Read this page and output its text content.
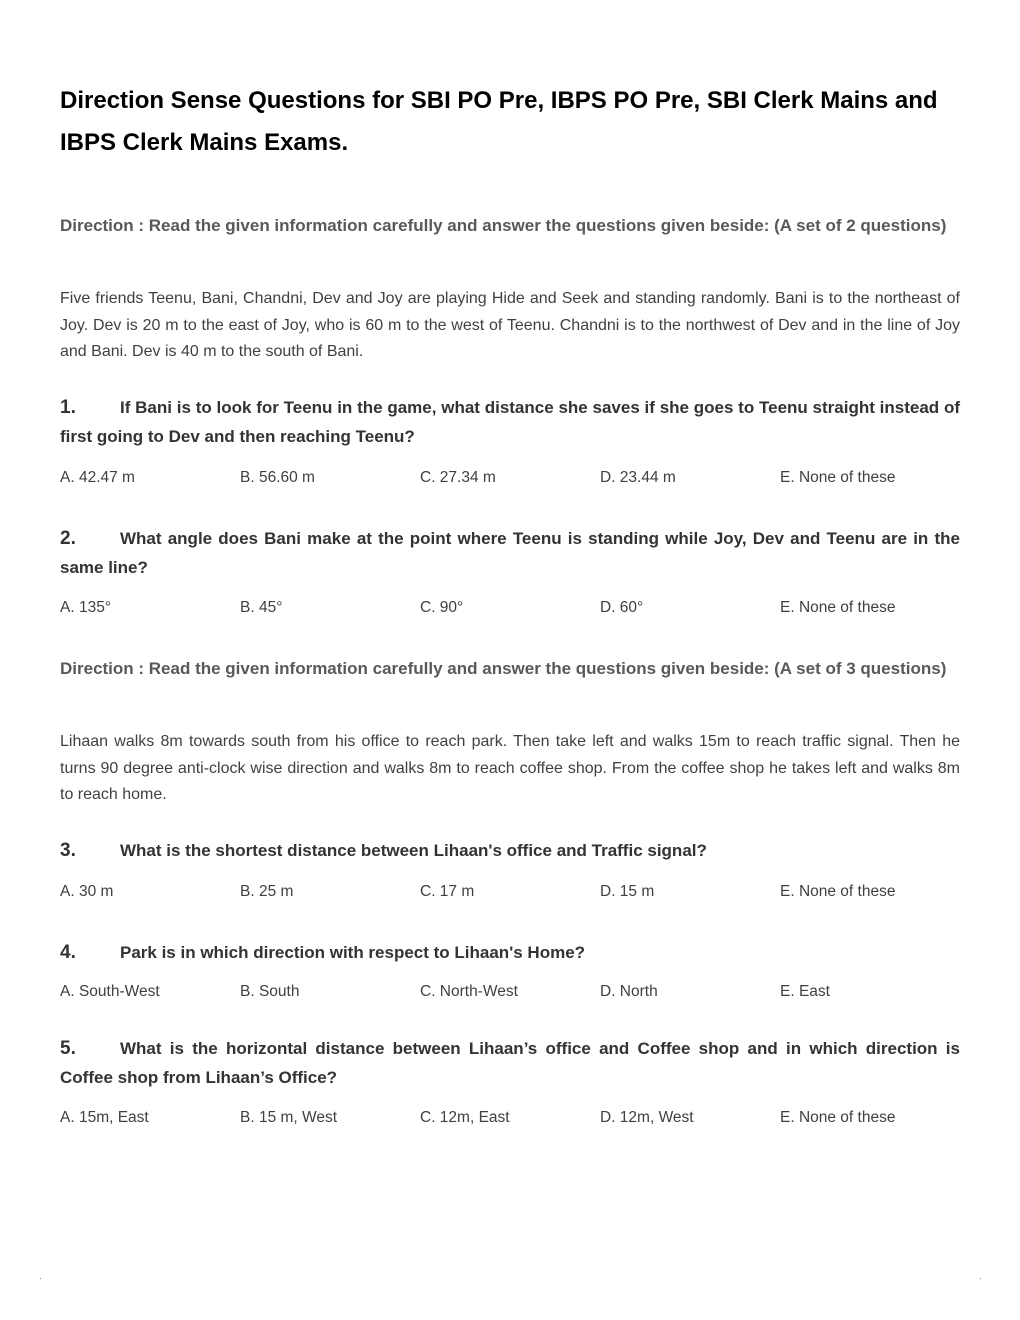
Direction Sense Questions for SBI PO Pre, IBPS PO Pre, SBI Clerk Mains and IBPS Clerk Mains Exams.
Direction : Read the given information carefully and answer the questions given beside: (A set of 2 questions)
Five friends Teenu, Bani, Chandni, Dev and Joy are playing Hide and Seek and standing randomly. Bani is to the northeast of Joy. Dev is 20 m to the east of Joy, who is 60 m to the west of Teenu. Chandni is to the northwest of Dev and in the line of Joy and Bani. Dev is 40 m to the south of Bani.
1.	If Bani is to look for Teenu in the game, what distance she saves if she goes to Teenu straight instead of first going to Dev and then reaching Teenu?
A. 42.47 m	B. 56.60 m	C. 27.34 m	D. 23.44 m	E. None of these
2.	What angle does Bani make at the point where Teenu is standing while Joy, Dev and Teenu are in the same line?
A. 135°	B. 45°	C. 90°	D. 60°	E. None of these
Direction : Read the given information carefully and answer the questions given beside: (A set of 3 questions)
Lihaan walks 8m towards south from his office to reach park. Then take left and walks 15m to reach traffic signal. Then he turns 90 degree anti-clock wise direction and walks 8m to reach coffee shop. From the coffee shop he takes left and walks 8m to reach home.
3.	What is the shortest distance between Lihaan's office and Traffic signal?
A. 30 m	B. 25 m	C. 17 m	D. 15 m	E. None of these
4.	Park is in which direction with respect to Lihaan's Home?
A. South-West	B. South	C. North-West	D. North	E. East
5.	What is the horizontal distance between Lihaan’s office and Coffee shop and in which direction is Coffee shop from Lihaan’s Office?
A. 15m, East	B. 15 m, West	C. 12m, East	D. 12m, West	E. None of these
